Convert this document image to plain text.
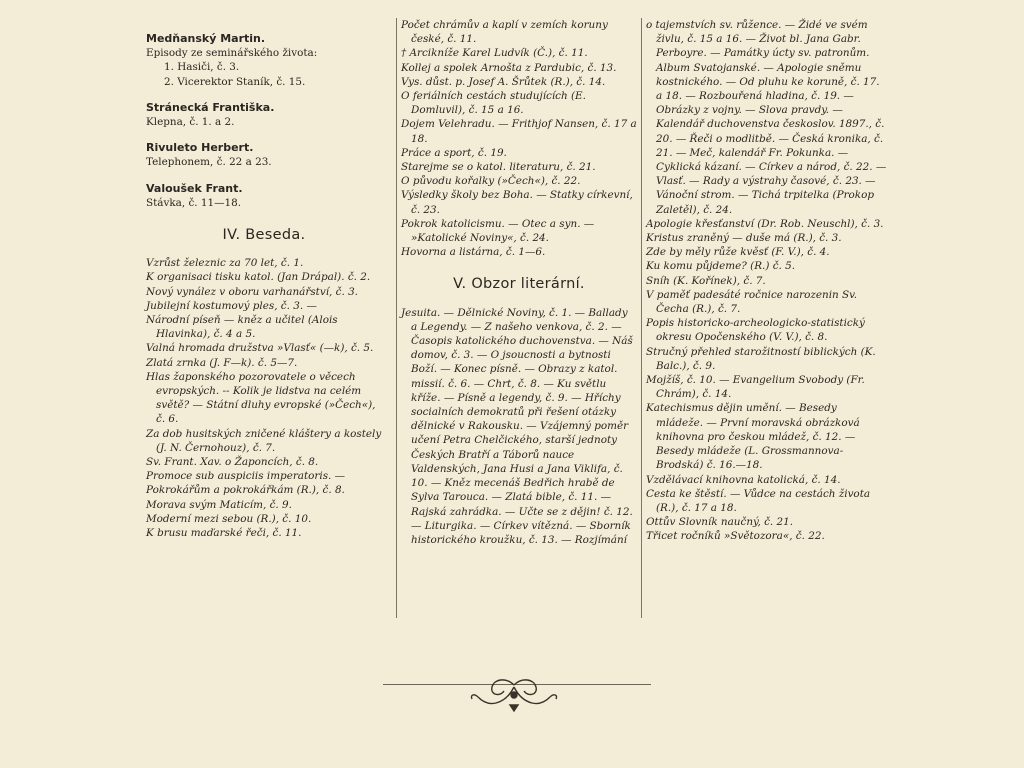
Medňanský Martin.
Episody ze seminářského života:
1. Hasiči, č. 3.
2. Vicerektor Staník, č. 15.
Stránecká Františka.
Klepna, č. 1. a 2.
Rivuleto Herbert.
Telephonem, č. 22 a 23.
Valoušek Frant.
Stávka, č. 11—18.
IV. Beseda.

Vzrůst železnic za 70 let, č. 1.

K organisaci tisku katol. (Jan Drápal). č. 2.

Nový vynález v oboru varhanářství, č. 3.

Jubilejní kostumový ples, č. 3. —

Národní píseň — kněz a učitel (Alois Hlavinka), č. 4 a 5.

Valná hromada družstva »Vlasť« (—k), č. 5.

Zlatá zrnka (J. F—k). č. 5—7.

Hlas žaponského pozorovatele o věcech evropských. -- Kolik je lidstva na celém světě? — Státní dluhy evropské (»Čech«), č. 6.

Za dob husitských zničené kláštery a kostely (J. N. Černohouz), č. 7.

Sv. Frant. Xav. o Žaponcích, č. 8.

Promoce sub auspiciis imperatoris. —

Pokrokářům a pokrokářkám (R.), č. 8.

Morava svým Maticím, č. 9.

Moderní mezi sebou (R.), č. 10.

K brusu maďarské řeči, č. 11.

Počet chrámův a kaplí v zemích koruny české, č. 11.

† Arcikníže Karel Ludvík (Č.), č. 11.

Kollej a spolek Arnošta z Pardubic, č. 13.

Vys. důst. p. Josef A. Šrůtek (R.), č. 14.

O feriálních cestách studujících (E. Domluvil), č. 15 a 16.

Dojem Velehradu. — Frithjof Nansen, č. 17 a 18.

Práce a sport, č. 19.

Starejme se o katol. literaturu, č. 21.

O původu kořalky (»Čech«), č. 22.

Výsledky školy bez Boha. — Statky církevní, č. 23.

Pokrok katolicismu. — Otec a syn. — »Katolické Noviny«, č. 24.

Hovorna a listárna, č. 1—6.

V. Obzor literární.

Jesuita. — Dělnické Noviny, č. 1. — Ballady a Legendy. — Z našeho venkova, č. 2. — Časopis katolického duchovenstva. — Náš domov, č. 3. — O jsoucnosti a bytnosti Boží. — Konec písně. — Obrazy z katol. missií. č. 6. — Chrt, č. 8. — Ku světlu kříže. — Písně a legendy, č. 9. — Hříchy socialních demokratů při řešení otázky dělnické v Rakousku. — Vzájemný poměr učení Petra Chelčického, starší jednoty Českých Bratří a Táborů nauce Valdenských, Jana Husi a Jana Viklifa, č. 10. — Kněz mecenáš Bedřich hrabě de Sylva Tarouca. — Zlatá bible, č. 11. — Rajská zahrádka. — Učte se z dějin! č. 12. — Liturgika. — Církev vítězná. — Sborník historického kroužku, č. 13. — Rozjímání

o tajemstvích sv. růžence. — Židé ve svém živlu, č. 15 a 16. — Život bl. Jana Gabr. Perboyre. — Památky úcty sv. patronům. Album Svatojanské. — Apologie sněmu kostnického. — Od pluhu ke koruně, č. 17. a 18. — Rozbouřená hladina, č. 19. — Obrázky z vojny. — Slova pravdy. — Kalendář duchovenstva českoslov. 1897., č. 20. — Řeči o modlitbě. — Česká kronika, č. 21. — Meč, kalendář Fr. Pokunka. — Cyklická kázaní. — Církev a národ, č. 22. — Vlasť. — Rady a výstrahy časové, č. 23. — Vánoční strom. — Tichá trpitelka (Prokop Zaletěl), č. 24.

Apologie křesťanství (Dr. Rob. Neuschl), č. 3.

Kristus zraněný — duše má (R.), č. 3.

Zde by měly růže kvěsť (F. V.), č. 4.

Ku komu půjdeme? (R.) č. 5.

Sníh (K. Kořínek), č. 7.

V paměť padesáté ročnice narozenin Sv. Čecha (R.), č. 7.

Popis historicko-archeologicko-statistický okresu Opočenského (V. V.), č. 8.

Stručný přehled starožitností biblických (K. Balc.), č. 9.

Mojžíš, č. 10. — Evangelium Svobody (Fr. Chrám), č. 14.

Katechismus dějin umění. — Besedy mládeže. — První moravská obrázková knihovna pro českou mládež, č. 12. — Besedy mládeže (L. Grossmannova-Brodská) č. 16.—18.

Vzdělávací knihovna katolická, č. 14.

Cesta ke štěstí. — Vůdce na cestách života (R.), č. 17 a 18.

Ottův Slovník naučný, č. 21.

Třicet ročníků »Světozora«, č. 22.
